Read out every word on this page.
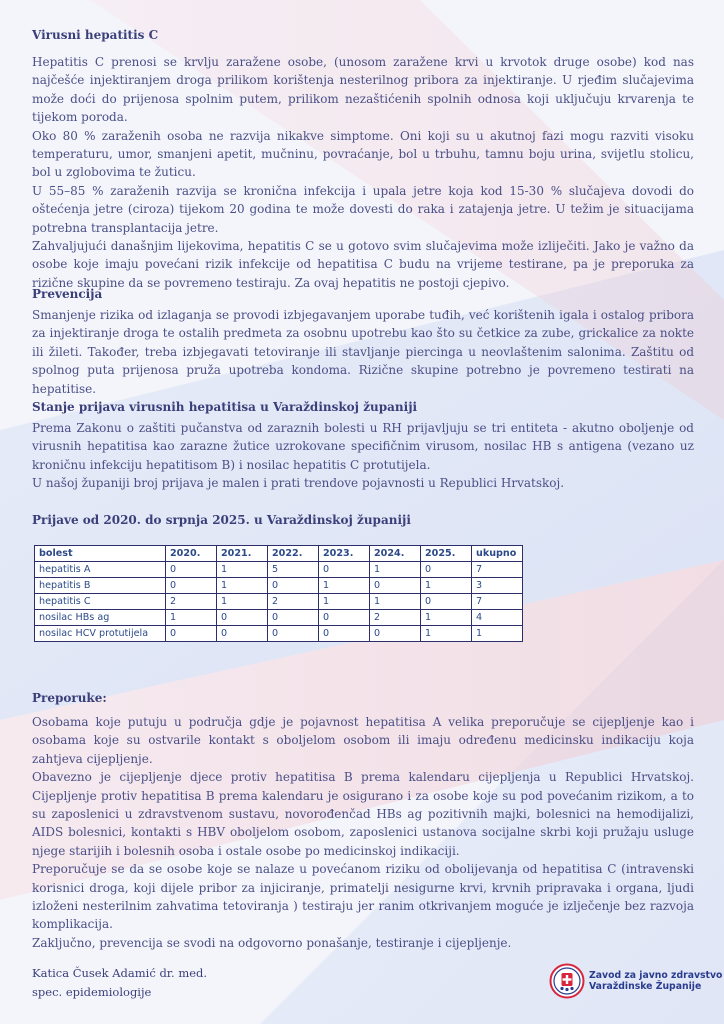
Virusni hepatitis C

Hepatitis C prenosi se krvlju zaražene osobe, (unosom zaražene krvi u krvotok druge osobe) kod nas najčešće injektiranjem droga prilikom korištenja nesterilnog pribora za injektiranje. U rjeđim slučajevima može doći do prijenosa spolnim putem, prilikom nezaštićenih spolnih odnosa koji uključuju krvarenja te tijekom poroda.

Oko 80 % zaraženih osoba ne razvija nikakve simptome. Oni koji su u akutnoj fazi mogu razviti visoku temperaturu, umor, smanjeni apetit, mučninu, povraćanje, bol u trbuhu, tamnu boju urina, svijetlu stolicu, bol u zglobovima te žuticu.

U 55–85 % zaraženih razvija se kronična infekcija i upala jetre koja kod 15-30 % slučajeva dovodi do oštećenja jetre (ciroza) tijekom 20 godina te može dovesti do raka i zatajenja jetre. U težim je situacijama potrebna transplantacija jetre.

Zahvaljujući današnjim lijekovima, hepatitis C se u gotovo svim slučajevima može izliječiti. Jako je važno da osobe koje imaju povećani rizik infekcije od hepatitisa C budu na vrijeme testirane, pa je preporuka za rizične skupine da se povremeno testiraju. Za ovaj hepatitis ne postoji cjepivo.

Prevencija

Smanjenje rizika od izlaganja se provodi izbjegavanjem uporabe tuđih, već korištenih igala i ostalog pribora za injektiranje droga te ostalih predmeta za osobnu upotrebu kao što su četkice za zube, grickalice za nokte ili žileti. Također, treba izbjegavati tetoviranje ili stavljanje piercinga u neovlaštenim salonima. Zaštitu od spolnog puta prijenosa pruža upotreba kondoma. Rizične skupine potrebno je povremeno testirati na hepatitise.

Stanje prijava virusnih hepatitisa u Varaždinskoj županiji

Prema Zakonu o zaštiti pučanstva od zaraznih bolesti u RH prijavljuju se tri entiteta - akutno oboljenje od virusnih hepatitisa kao zarazne žutice uzrokovane specifičnim virusom, nosilac HB s antigena (vezano uz kroničnu infekciju hepatitisom B) i nosilac hepatitis C protutijela.

U našoj županiji broj prijava je malen i prati trendove pojavnosti u Republici Hrvatskoj.

Prijave od 2020. do srpnja 2025. u Varaždinskoj županiji
bolest	2020.	2021.	2022.	2023.	2024.	2025.	ukupno
hepatitis A	0	1	5	0	1	0	7
hepatitis B	0	1	0	1	0	1	3
hepatitis C	2	1	2	1	1	0	7
nosilac HBs ag	1	0	0	0	2	1	4
nosilac HCV protutijela	0	0	0	0	0	1	1
Preporuke:

Osobama koje putuju u područja gdje je pojavnost hepatitisa A velika preporučuje se cijepljenje kao i osobama koje su ostvarile kontakt s oboljelom osobom ili imaju određenu medicinsku indikaciju koja zahtjeva cijepljenje.

Obavezno je cijepljenje djece protiv hepatitisa B prema kalendaru cijepljenja u Republici Hrvatskoj. Cijepljenje protiv hepatitisa B prema kalendaru je osigurano i za osobe koje su pod povećanim rizikom, a to su zaposlenici u zdravstvenom sustavu, novorođenčad HBs ag pozitivnih majki, bolesnici na hemodijalizi, AIDS bolesnici, kontakti s HBV oboljelom osobom, zaposlenici ustanova socijalne skrbi koji pružaju usluge njege starijih i bolesnih osoba i ostale osobe po medicinskoj indikaciji.

Preporučuje se da se osobe koje se nalaze u povećanom riziku od obolijevanja od hepatitisa C (intravenski korisnici droga, koji dijele pribor za injiciranje, primatelji nesigurne krvi, krvnih pripravaka i organa, ljudi izloženi nesterilnim zahvatima tetoviranja ) testiraju jer ranim otkrivanjem moguće je izlječenje bez razvoja komplikacija.

Zaključno, prevencija se svodi na odgovorno ponašanje, testiranje i cijepljenje.

Katica Čusek Adamić dr. med.
spec. epidemiologije
Zavod za javno zdravstvo
Varaždinske Županije
